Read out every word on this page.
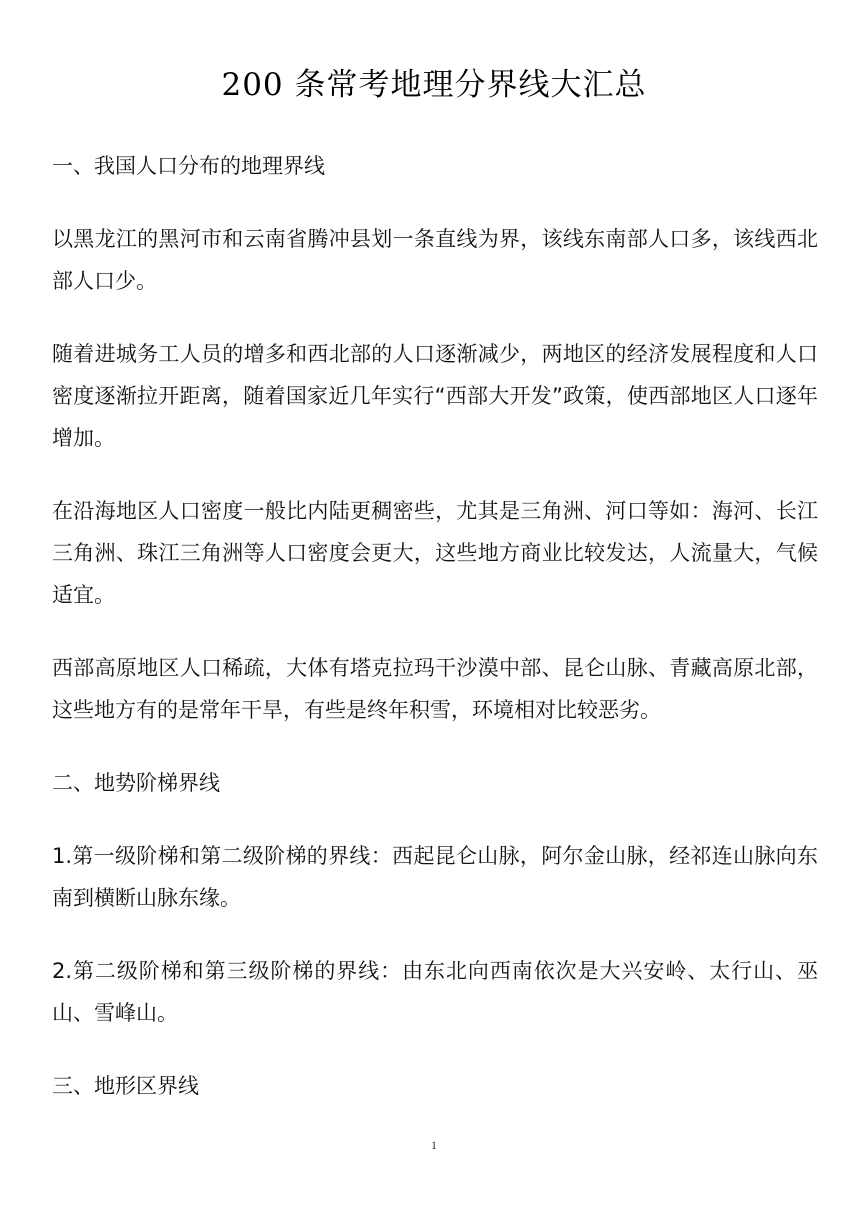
200 条常考地理分界线大汇总

一、我国人口分布的地理界线

以黑龙江的黑河市和云南省腾冲县划一条直线为界，该线东南部人口多，该线西北部人口少。

随着进城务工人员的增多和西北部的人口逐渐减少，两地区的经济发展程度和人口密度逐渐拉开距离，随着国家近几年实行“西部大开发”政策，使西部地区人口逐年增加。

在沿海地区人口密度一般比内陆更稠密些，尤其是三角洲、河口等如：海河、长江三角洲、珠江三角洲等人口密度会更大，这些地方商业比较发达，人流量大，气候适宜。

西部高原地区人口稀疏，大体有塔克拉玛干沙漠中部、昆仑山脉、青藏高原北部，这些地方有的是常年干旱，有些是终年积雪，环境相对比较恶劣。

二、地势阶梯界线

1.第一级阶梯和第二级阶梯的界线：西起昆仑山脉，阿尔金山脉，经祁连山脉向东南到横断山脉东缘。

2.第二级阶梯和第三级阶梯的界线：由东北向西南依次是大兴安岭、太行山、巫山、雪峰山。

三、地形区界线

1
